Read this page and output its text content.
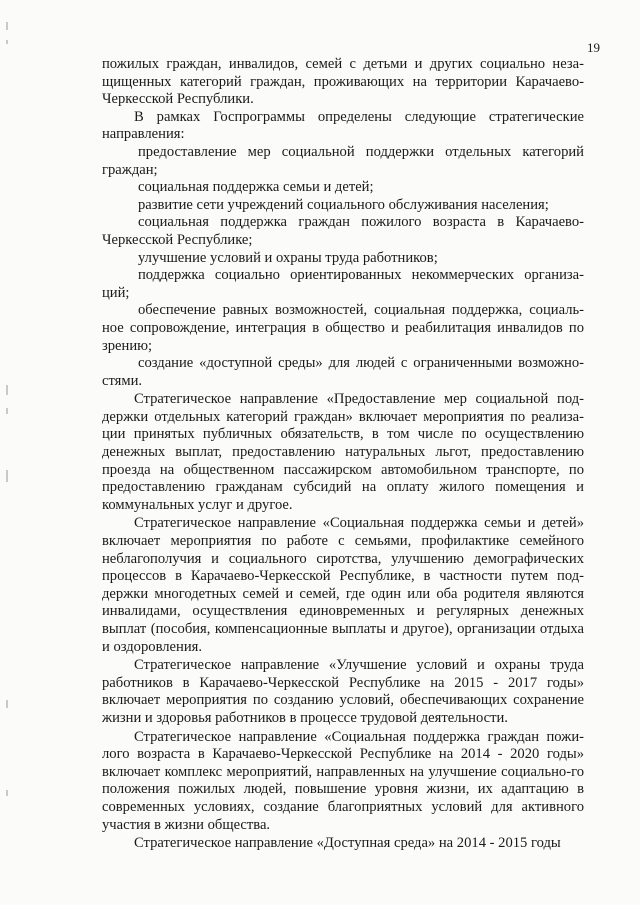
19

пожилых граждан, инвалидов, семей с детьми и других социально неза-щищенных категорий граждан, проживающих на территории Карачаево-Черкесской Республики.

В рамках Госпрограммы определены следующие стратегические направления:

предоставление мер социальной поддержки отдельных категорий граждан;

социальная поддержка семьи и детей;

развитие сети учреждений социального обслуживания населения;

социальная поддержка граждан пожилого возраста в Карачаево-Черкесской Республике;

улучшение условий и охраны труда работников;

поддержка социально ориентированных некоммерческих организа-ций;

обеспечение равных возможностей, социальная поддержка, социаль-ное сопровождение, интеграция в общество и реабилитация инвалидов по зрению;

создание «доступной среды» для людей с ограниченными возможно-стями.

Стратегическое направление «Предоставление мер социальной под-держки отдельных категорий граждан» включает мероприятия по реализа-ции принятых публичных обязательств, в том числе по осуществлению денежных выплат, предоставлению натуральных льгот, предоставлению проезда на общественном пассажирском автомобильном транспорте, по предоставлению гражданам субсидий на оплату жилого помещения и коммунальных услуг и другое.

Стратегическое направление «Социальная поддержка семьи и детей» включает мероприятия по работе с семьями, профилактике семейного неблагополучия и социального сиротства, улучшению демографических процессов в Карачаево-Черкесской Республике, в частности путем под-держки многодетных семей и семей, где один или оба родителя являются инвалидами, осуществления единовременных и регулярных денежных выплат (пособия, компенсационные выплаты и другое), организации отдыха и оздоровления.

Стратегическое направление «Улучшение условий и охраны труда работников в Карачаево-Черкесской Республике на 2015 - 2017 годы» включает мероприятия по созданию условий, обеспечивающих сохранение жизни и здоровья работников в процессе трудовой деятельности.

Стратегическое направление «Социальная поддержка граждан пожи-лого возраста в Карачаево-Черкесской Республике на 2014 - 2020 годы» включает комплекс мероприятий, направленных на улучшение социально-го положения пожилых людей, повышение уровня жизни, их адаптацию в современных условиях, создание благоприятных условий для активного участия в жизни общества.

Стратегическое направление «Доступная среда» на 2014 - 2015 годы
